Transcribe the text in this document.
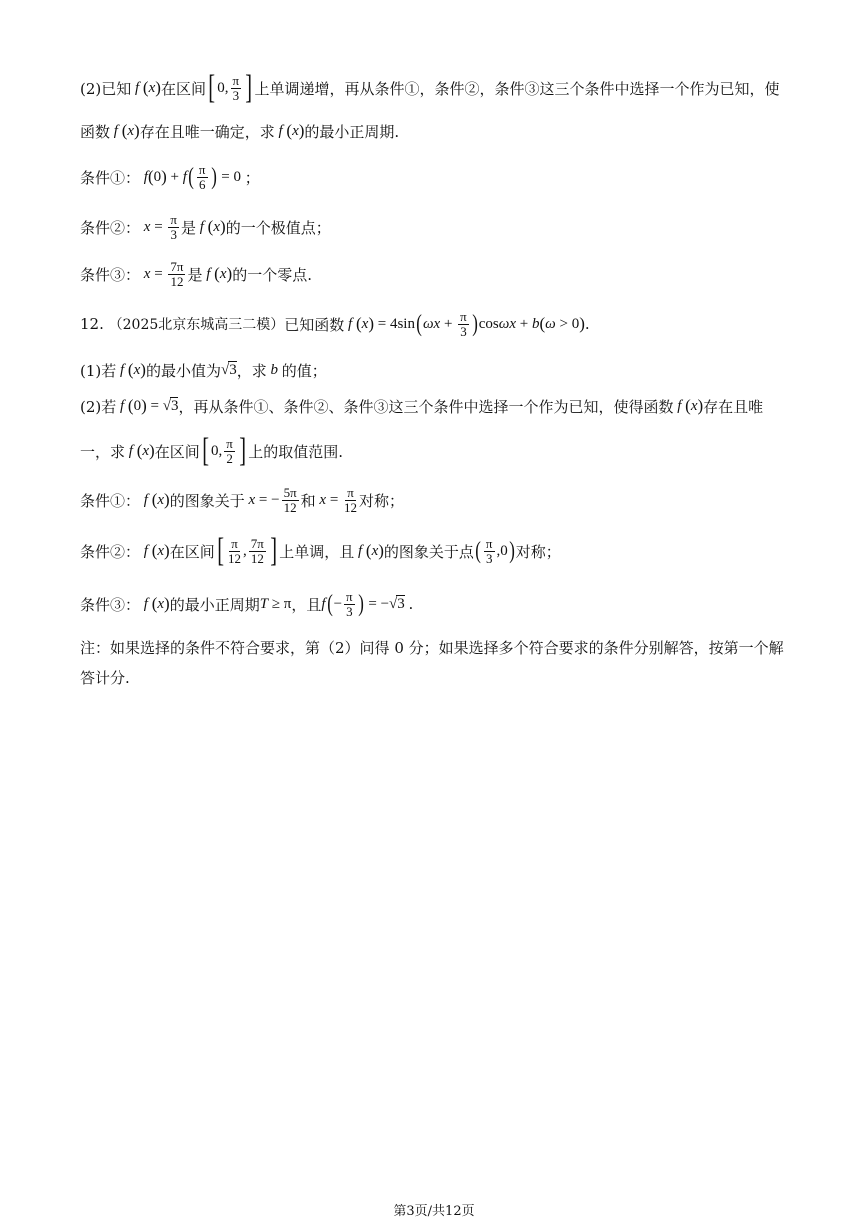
(2)已知 f ( x ) 在区间 [ 0, π
3 ] 上单调递增，再从条件①，条件②，条件③这三个条件中选择一个作为已知，使
函数 f ( x ) 存在且唯一确定，求 f ( x ) 的最小正周期.
条件①： f ( 0 ) + f ( π
6 ) = 0 ；
条件②： $x = \frac{\pi}{3}$ 是 f ( x ) 的一个极值点；
条件③： $x = \frac{7\pi}{12}$ 是 f ( x ) 的一个零点.
12.
（2025北京东城高三二模） 已知函数 f ( x ) = 4sin ( $\omega x + \frac{\pi}{3}$ ) cos ωx + b ( ω > 0 ) .
(1)若 f ( x ) 的最小值为 √3 ，求 b 的值；
(2)若 f ( 0 ) = √3 ，再从条件①、条件②、条件③这三个条件中选择一个作为已知，使得函数 f ( x ) 存在且唯
一，求 f ( x ) 在区间 [ 0, π
2 ] 上的取值范围.
条件①： f ( x ) 的图象关于 x = − $\frac{5\pi}{12}$ 和 $x = \frac{\pi}{12}$ 对称；
条件②： f ( x ) 在区间 [ π
12 , 7π
12 ] 上单调，且 f ( x ) 的图象关于点 ( π
3 ,0 ) 对称；
条件③： f ( x ) 的最小正周期 T ≥ π ，且 f ( − $\frac{\pi}{3}$ ) = −√3 .
注：如果选择的条件不符合要求，第（2）问得 0 分；如果选择多个符合要求的条件分别解答，按第一个解
答计分.
第3页/共12页
